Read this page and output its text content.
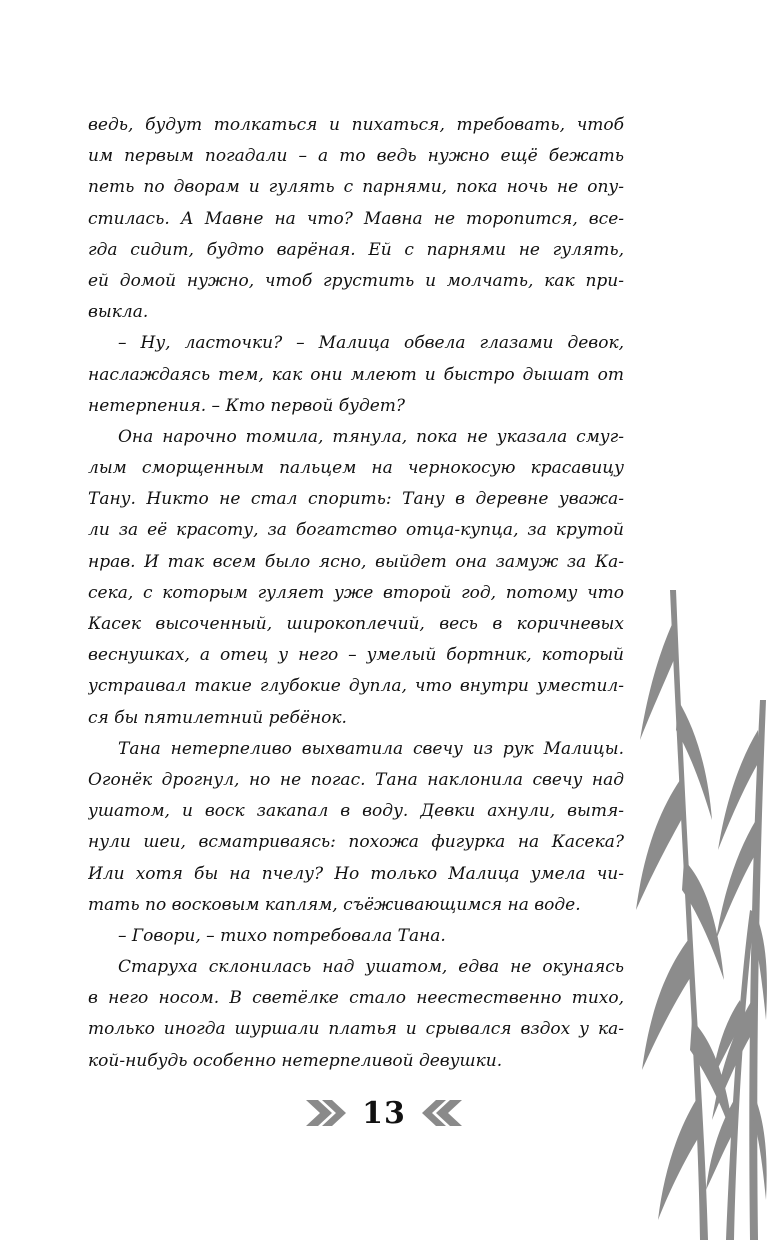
ведь, будут толкаться и пихаться, требовать, чтоб
им первым погадали – а то ведь нужно ещё бежать
петь по дворам и гулять с парнями, пока ночь не опу-
стилась. А Мавне на что? Мавна не торопится, все-
гда сидит, будто варёная. Ей с парнями не гулять,
ей домой нужно, чтоб грустить и молчать, как при-
выкла.
– Ну, ласточки? – Малица обвела глазами девок,
наслаждаясь тем, как они млеют и быстро дышат от
нетерпения. – Кто первой будет?
Она нарочно томила, тянула, пока не указала смуг-
лым сморщенным пальцем на чернокосую красавицу
Тану. Никто не стал спорить: Тану в деревне уважа-
ли за её красоту, за богатство отца-купца, за крутой
нрав. И так всем было ясно, выйдет она замуж за Ка-
сека, с которым гуляет уже второй год, потому что
Касек высоченный, широкоплечий, весь в коричневых
веснушках, а отец у него – умелый бортник, который
устраивал такие глубокие дупла, что внутри уместил-
ся бы пятилетний ребёнок.
Тана нетерпеливо выхватила свечу из рук Малицы.
Огонёк дрогнул, но не погас. Тана наклонила свечу над
ушатом, и воск закапал в воду. Девки ахнули, вытя-
нули шеи, всматриваясь: похожа фигурка на Касека?
Или хотя бы на пчелу? Но только Малица умела чи-
тать по восковым каплям, съёживающимся на воде.
– Говори, – тихо потребовала Тана.
Старуха склонилась над ушатом, едва не окунаясь
в него носом. В светёлке стало неестественно тихо,
только иногда шуршали платья и срывался вздох у ка-
кой-нибудь особенно нетерпеливой девушки.
13
